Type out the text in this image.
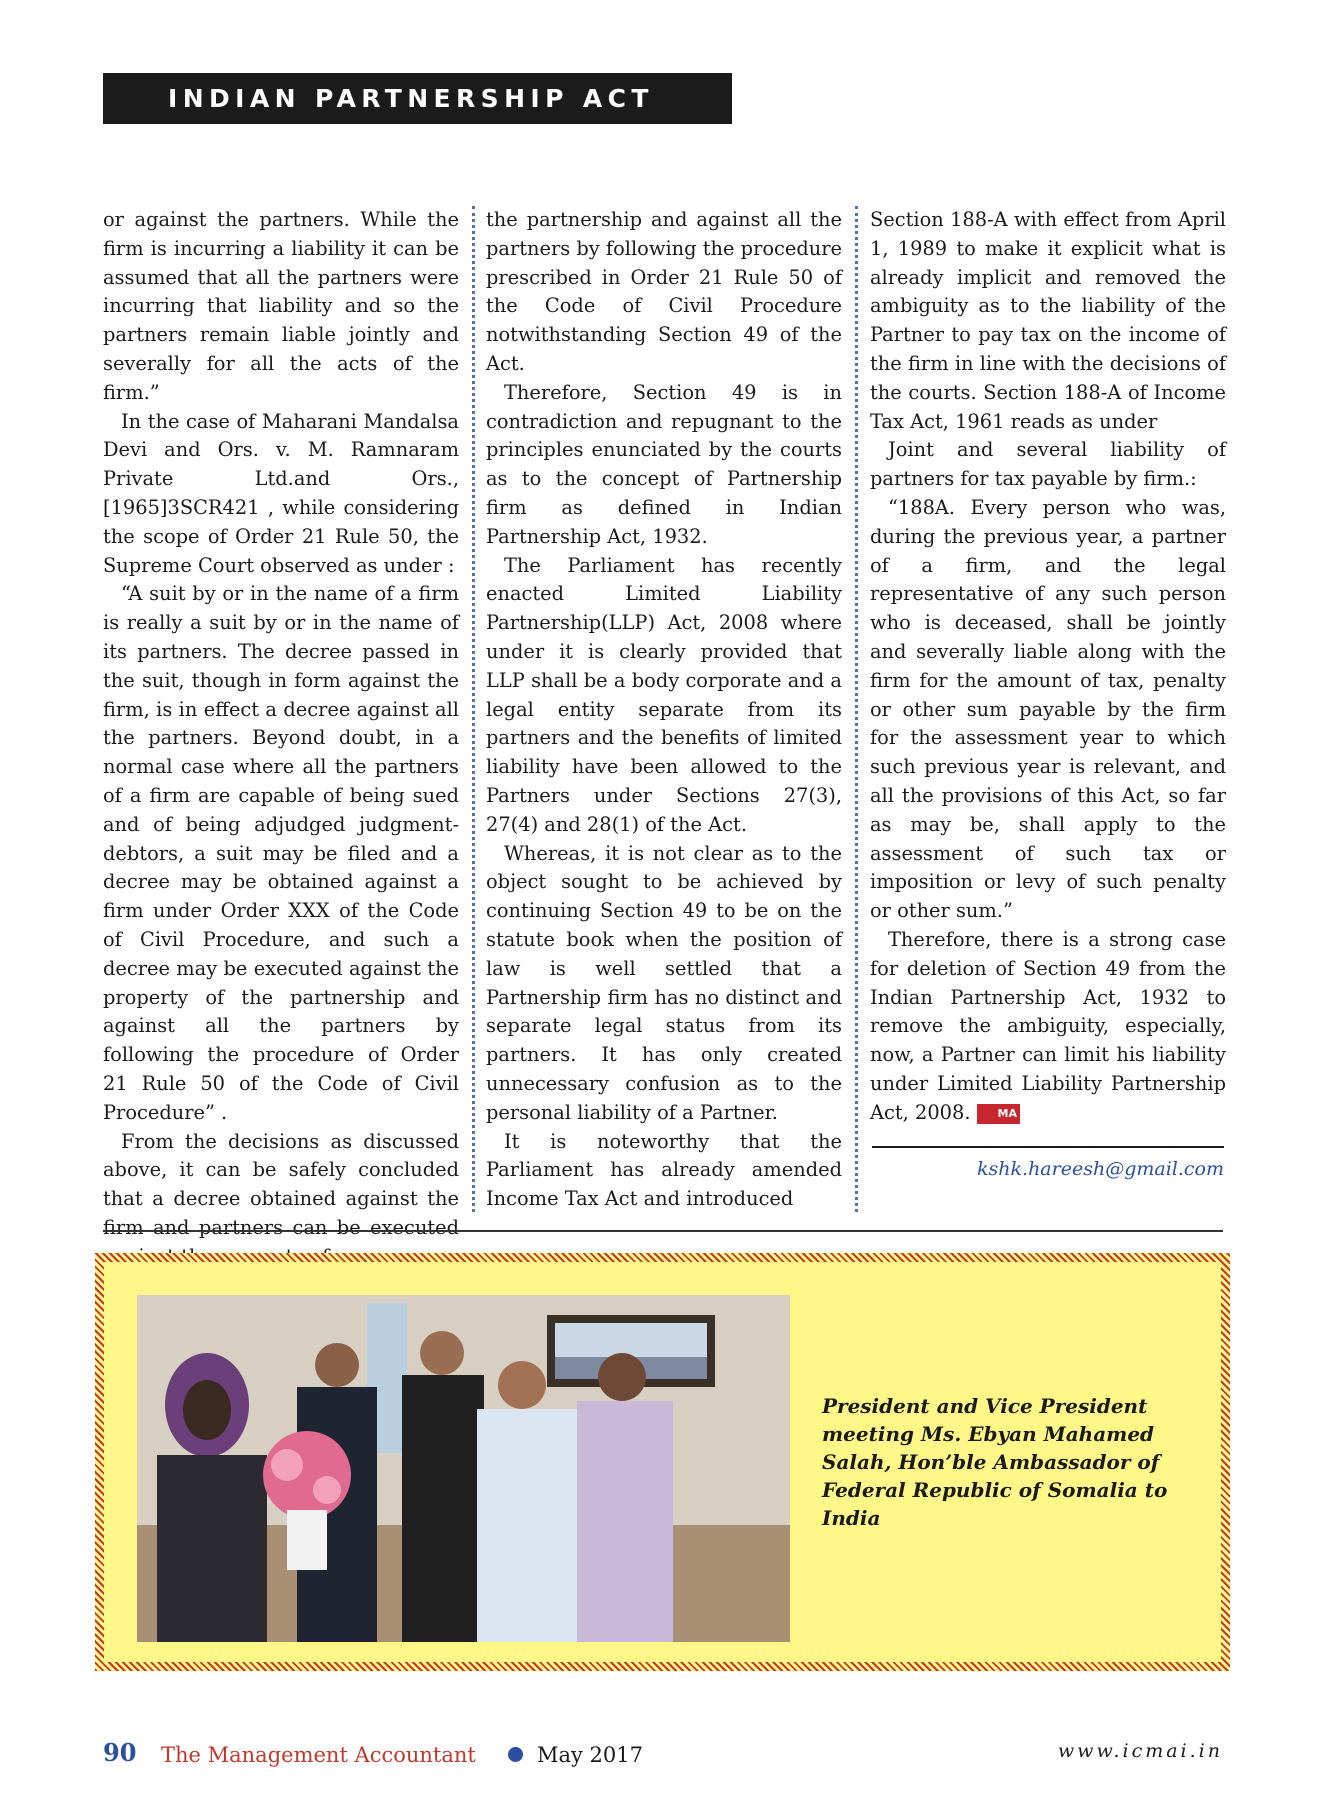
INDIAN PARTNERSHIP ACT

or against the partners. While the firm is incurring a liability it can be assumed that all the partners were incurring that liability and so the partners remain liable jointly and severally for all the acts of the firm.”

In the case of Maharani Mandalsa Devi and Ors. v. M. Ramnaram Private Ltd.and Ors., [1965]3SCR421 , while considering the scope of Order 21 Rule 50, the Supreme Court observed as under :

“A suit by or in the name of a firm is really a suit by or in the name of its partners. The decree passed in the suit, though in form against the firm, is in effect a decree against all the partners. Beyond doubt, in a normal case where all the partners of a firm are capable of being sued and of being adjudged judgment-debtors, a suit may be filed and a decree may be obtained against a firm under Order XXX of the Code of Civil Procedure, and such a decree may be executed against the property of the partnership and against all the partners by following the procedure of Order 21 Rule 50 of the Code of Civil Procedure” .

From the decisions as discussed above, it can be safely concluded that a decree obtained against the firm and partners can be executed

the partnership and against all the partners by following the procedure prescribed in Order 21 Rule 50 of the Code of Civil Procedure notwithstanding Section 49 of the Act.

Therefore, Section 49 is in contradiction and repugnant to the principles enunciated by the courts as to the concept of Partnership firm as defined in Indian Partnership Act, 1932.

The Parliament has recently enacted Limited Liability Partnership(LLP) Act, 2008 where under it is clearly provided that LLP shall be a body corporate and a legal entity separate from its partners and the benefits of limited liability have been allowed to the Partners under Sections 27(3), 27(4) and 28(1) of the Act.

Whereas, it is not clear as to the object sought to be achieved by continuing Section 49 to be on the statute book when the position of law is well settled that a Partnership firm has no distinct and separate legal status from its partners. It has only created unnecessary confusion as to the personal liability of a Partner.

It is noteworthy that the Parliament has already amended Income Tax Act and introduced

Section 188-A with effect from April 1, 1989 to make it explicit what is already implicit and removed the ambiguity as to the liability of the Partner to pay tax on the income of the firm in line with the decisions of the courts. Section 188-A of Income Tax Act, 1961 reads as under

Joint and several liability of partners for tax payable by firm.:

“188A. Every person who was, during the previous year, a partner of a firm, and the legal representative of any such person who is deceased, shall be jointly and severally liable along with the firm for the amount of tax, penalty or other sum payable by the firm for the assessment year to which such previous year is relevant, and all the provisions of this Act, so far as may be, shall apply to the assessment of such tax or imposition or levy of such penalty or other sum.”

Therefore, there is a strong case for deletion of Section 49 from the Indian Partnership Act, 1932 to remove the ambiguity, especially, now, a Partner can limit his liability under Limited Liability Partnership Act, 2008. MA

kshk.hareesh@gmail.com
President and Vice President meeting Ms. Ebyan Mahamed Salah, Hon’ble Ambassador of Federal Republic of Somalia to India
90 The Management Accountant	May 2017	www.icmai.in
